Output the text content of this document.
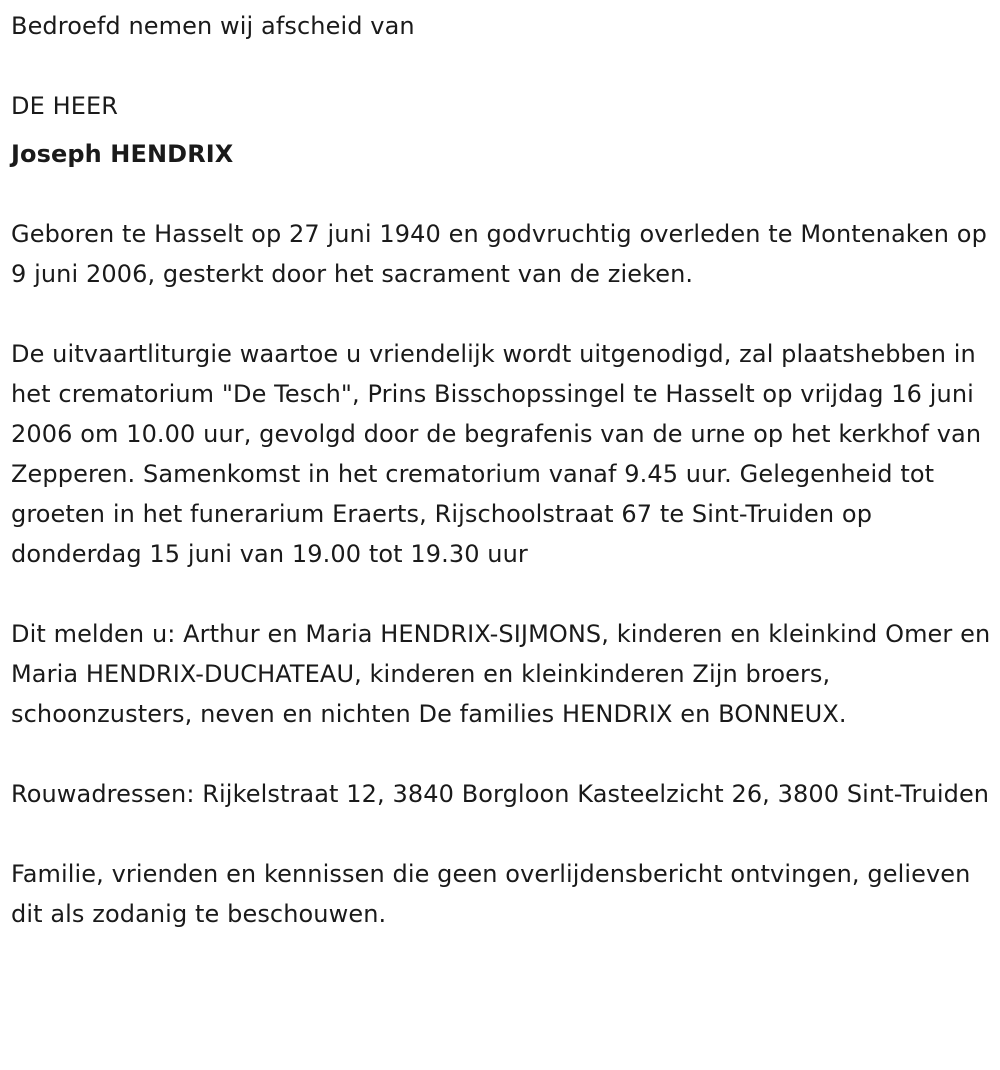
Bedroefd nemen wij afscheid van

DE HEER

Joseph HENDRIX

Geboren te Hasselt op 27 juni 1940 en godvruchtig overleden te Montenaken op 9 juni 2006, gesterkt door het sacrament van de zieken.

De uitvaartliturgie waartoe u vriendelijk wordt uitgenodigd, zal plaatshebben in het crematorium "De Tesch", Prins Bisschopssingel te Hasselt op vrijdag 16 juni 2006 om 10.00 uur, gevolgd door de begrafenis van de urne op het kerkhof van Zepperen. Samenkomst in het crematorium vanaf 9.45 uur. Gelegenheid tot groeten in het funerarium Eraerts, Rijschoolstraat 67 te Sint-Truiden op donderdag 15 juni van 19.00 tot 19.30 uur

Dit melden u: Arthur en Maria HENDRIX-SIJMONS, kinderen en kleinkind Omer en Maria HENDRIX-DUCHATEAU, kinderen en kleinkinderen Zijn broers, schoonzusters, neven en nichten De families HENDRIX en BONNEUX.

Rouwadressen: Rijkelstraat 12, 3840 Borgloon Kasteelzicht 26, 3800 Sint-Truiden

Familie, vrienden en kennissen die geen overlijdensbericht ontvingen, gelieven dit als zodanig te beschouwen.
